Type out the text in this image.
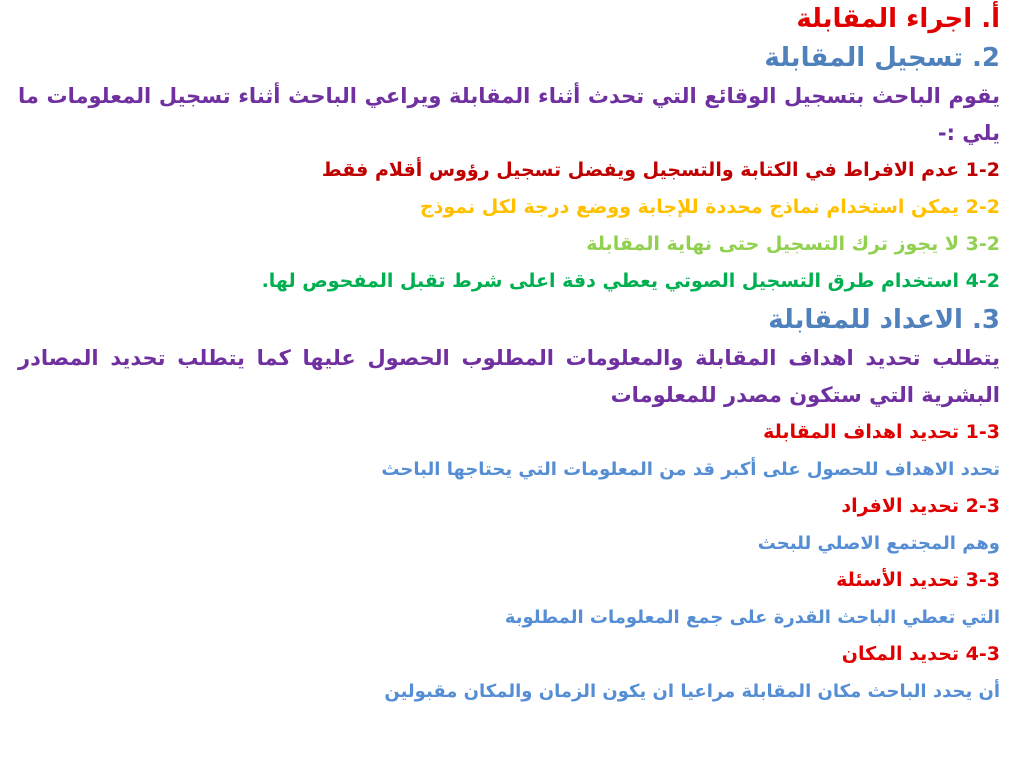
أ. اجراء المقابلة
2. تسجيل المقابلة
يقوم الباحث بتسجيل الوقائع التي تحدث أثناء المقابلة ويراعي الباحث أثناء تسجيل المعلومات ما يلي :-
1-2 عدم الافراط في الكتابة والتسجيل ويفضل تسجيل رؤوس أقلام فقط
2-2 يمكن استخدام نماذج محددة للإجابة ووضع درجة لكل نموذج
3-2 لا يجوز ترك التسجيل حتى نهاية المقابلة
4-2 استخدام طرق التسجيل الصوتي يعطي دقة اعلى شرط تقبل المفحوص لها.
3. الاعداد للمقابلة
يتطلب تحديد اهداف المقابلة والمعلومات المطلوب الحصول عليها كما يتطلب تحديد المصادر البشرية التي ستكون مصدر للمعلومات
1-3 تحديد اهداف المقابلة
تحدد الاهداف للحصول على أكبر قد من المعلومات التي يحتاجها الباحث
2-3 تحديد الافراد
وهم المجتمع الاصلي للبحث
3-3 تحديد الأسئلة
التي تعطي الباحث القدرة على جمع المعلومات المطلوبة
4-3 تحديد المكان
أن يحدد الباحث مكان المقابلة مراعيا ان يكون الزمان والمكان مقبولين
